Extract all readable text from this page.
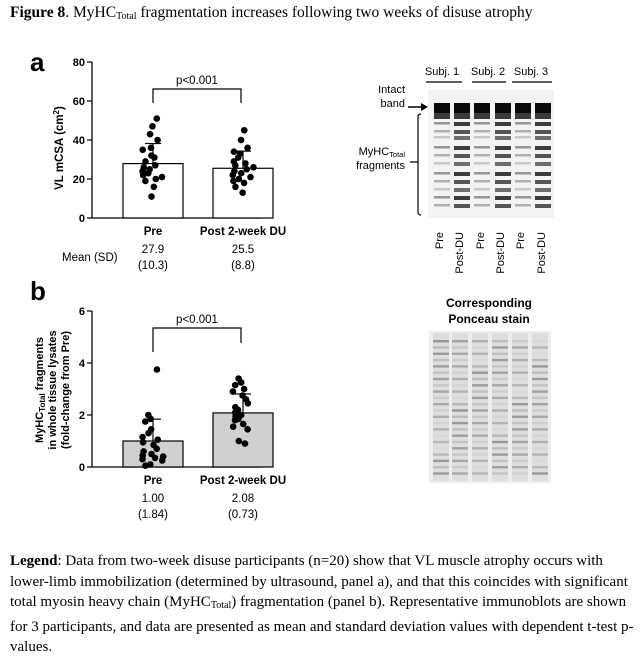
Figure 8. MyHC$_{Total}$ fragmentation increases following two weeks of disuse atrophy
a
VL mCSA $(cm^2)$
0
20
40
60
80
p<0.001
Pre	Post 2-week DU
Mean (SD)
27.9
(10.3)
25.5
(8.8)
b
MyHCTotal fragments in whole tissue lysates (fold-change from Pre)
0
2
4
6
p<0.001
Pre	Post 2-week DU
1.00
(1.84)
2.08
(0.73)
Subj. 1 Subj. 2 Subj. 3
Intact
band
MyHCTotal
fragments
Pre Post-DU Pre Post-DU Pre Post-DU
Corresponding
Ponceau stain
Legend: Data from two-week disuse participants (n=20) show that VL muscle atrophy occurs with lower-limb immobilization (determined by ultrasound, panel a), and that this coincides with significant total myosin heavy chain (MyHC$_{Total}$) fragmentation (panel b). Representative immunoblots are shown for 3 participants, and data are presented as mean and standard deviation values with dependent t-test p-values.
